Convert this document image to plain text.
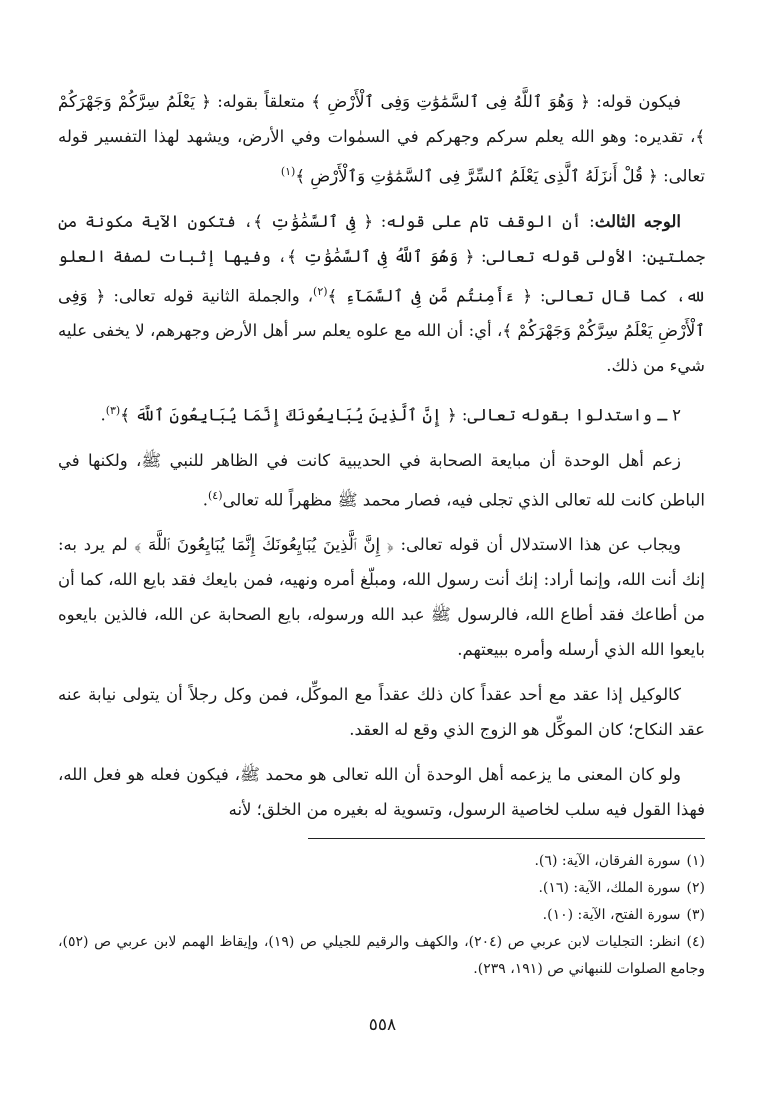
فيكون قوله: ﴿ وَهُوَ ٱللَّهُ فِى ٱلسَّمَٰوَٰتِ وَفِى ٱلْأَرْضِ ﴾ متعلقاً بقوله: ﴿ يَعْلَمُ سِرَّكُمْ وَجَهْرَكُمْ ﴾، تقديره: وهو الله يعلم سركم وجهركم في السمٰوات وفي الأرض، ويشهد لهذا التفسير قوله تعالى: ﴿ قُلْ أَنزَلَهُ ٱلَّذِى يَعْلَمُ ٱلسِّرَّ فِى ٱلسَّمَٰوَٰتِ وَٱلْأَرْضِ ﴾$^{(١)}$

الوجه الثالث: أن الوقف تام على قوله: ﴿ فِى ٱلسَّمَٰوَٰتِ ﴾، فتكون الآية مكونة من جملتين: الأولى قوله تعالى: ﴿ وَهُوَ ٱللَّهُ فِى ٱلسَّمَٰوَٰتِ ﴾، وفيها إثبات لصفة العلو لله، كما قال تعالى: ﴿ ءَأَمِنتُم مَّن فِى ٱلسَّمَآءِ ﴾$^{(٢)}$، والجملة الثانية قوله تعالى: ﴿ وَفِى ٱلْأَرْضِ يَعْلَمُ سِرَّكُمْ وَجَهْرَكُمْ ﴾، أي: أن الله مع علوه يعلم سر أهل الأرض وجهرهم، لا يخفى عليه شيء من ذلك.

٢ ـ واستدلوا بقوله تعالى: ﴿ إِنَّ ٱلَّذِينَ يُبَايِعُونَكَ إِنَّمَا يُبَايِعُونَ ٱللَّهَ ﴾$^{(٣)}$.

زعم أهل الوحدة أن مبايعة الصحابة في الحديبية كانت في الظاهر للنبي ﷺ، ولكنها في الباطن كانت لله تعالى الذي تجلى فيه، فصار محمد ﷺ مظهراً لله تعالى$^{(٤)}$.

ويجاب عن هذا الاستدلال أن قوله تعالى: ﴿ إِنَّ ٱلَّذِينَ يُبَايِعُونَكَ إِنَّمَا يُبَايِعُونَ ٱللَّهَ ﴾ لم يرد به: إنك أنت الله، وإنما أراد: إنك أنت رسول الله، ومبلّغ أمره ونهيه، فمن بايعك فقد بايع الله، كما أن من أطاعك فقد أطاع الله، فالرسول ﷺ عبد الله ورسوله، بايع الصحابة عن الله، فالذين بايعوه بايعوا الله الذي أرسله وأمره ببيعتهم.

كالوكيل إذا عقد مع أحد عقداً كان ذلك عقداً مع الموكِّل، فمن وكل رجلاً أن يتولى نيابة عنه عقد النكاح؛ كان الموكِّل هو الزوج الذي وقع له العقد.

ولو كان المعنى ما يزعمه أهل الوحدة أن الله تعالى هو محمد ﷺ، فيكون فعله هو فعل الله، فهذا القول فيه سلب لخاصية الرسول، وتسوية له بغيره من الخلق؛ لأنه

(١)سورة الفرقان، الآية: (٦).

(٢)سورة الملك، الآية: (١٦).

(٣)سورة الفتح، الآية: (١٠).

(٤)انظر: التجليات لابن عربي ص (٢٠٤)، والكهف والرقيم للجيلي ص (١٩)، وإيقاظ الهمم لابن عربي ص (٥٢)، وجامع الصلوات للنبهاني ص (١٩١، ٢٣٩).

٥٥٨
